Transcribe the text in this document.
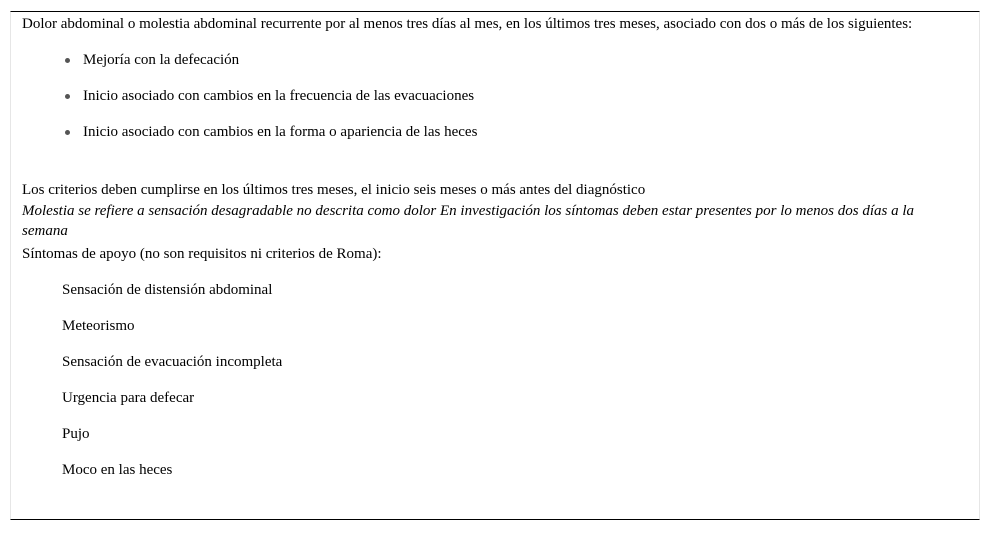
Dolor abdominal o molestia abdominal recurrente por al menos tres días al mes, en los últimos tres meses, asociado con dos o más de los siguientes:
Mejoría con la defecación
Inicio asociado con cambios en la frecuencia de las evacuaciones
Inicio asociado con cambios en la forma o apariencia de las heces
Los criterios deben cumplirse en los últimos tres meses, el inicio seis meses o más antes del diagnóstico
Molestia se refiere a sensación desagradable no descrita como dolor En investigación los síntomas deben estar presentes por lo menos dos días a la semana
Síntomas de apoyo (no son requisitos ni criterios de Roma):
Sensación de distensión abdominal
Meteorismo
Sensación de evacuación incompleta
Urgencia para defecar
Pujo
Moco en las heces
